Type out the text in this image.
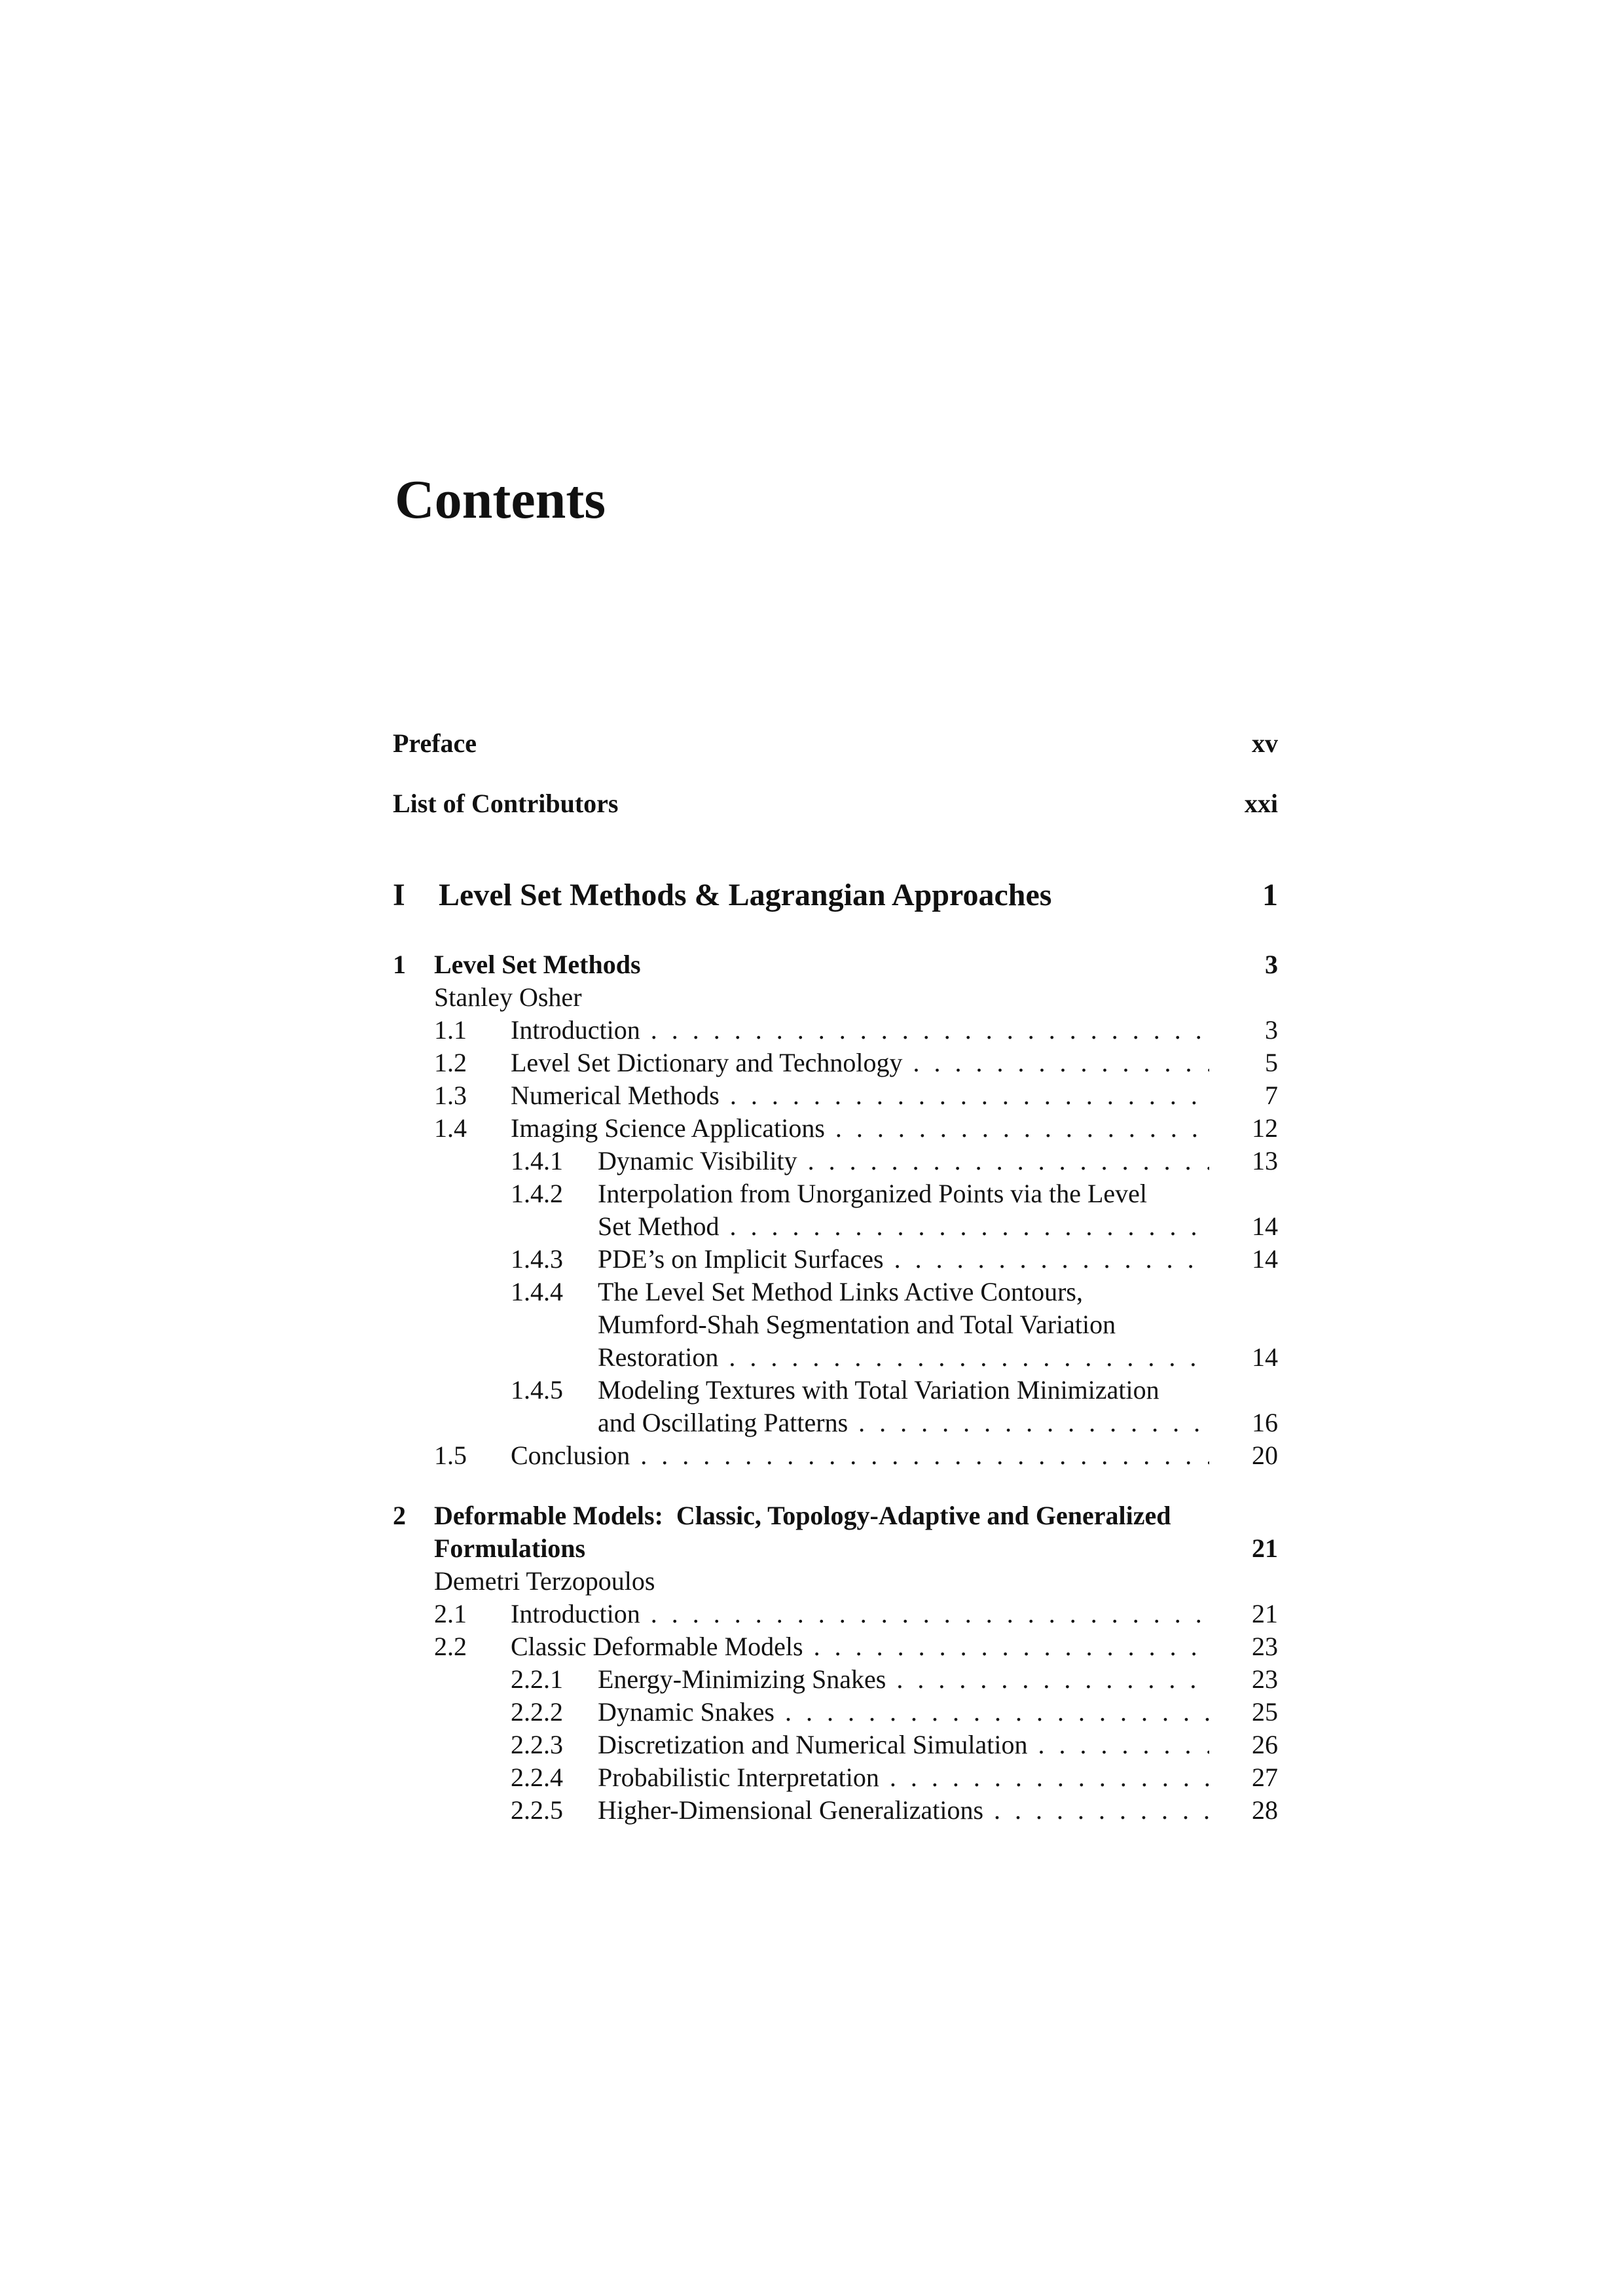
Contents
Preface	xv
List of Contributors	xxi
I Level Set Methods & Lagrangian Approaches	1
1 Level Set Methods	3
Stanley Osher
1.1 Introduction . . .	3
1.2 Level Set Dictionary and Technology . . .	5
1.3 Numerical Methods . . .	7
1.4 Imaging Science Applications . . .	12
1.4.1 Dynamic Visibility . . .	13
1.4.2 Interpolation from Unorganized Points via the Level
Set Method . . .	14
1.4.3 PDE’s on Implicit Surfaces . . .	14
1.4.4 The Level Set Method Links Active Contours,
Mumford-Shah Segmentation and Total Variation
Restoration . . .	14
1.4.5 Modeling Textures with Total Variation Minimization
and Oscillating Patterns . . .	16
1.5 Conclusion . . .	20
2 Deformable Models:  Classic, Topology-Adaptive and Generalized
Formulations	21
Demetri Terzopoulos
2.1 Introduction . . .	21
2.2 Classic Deformable Models . . .	23
2.2.1 Energy-Minimizing Snakes . . .	23
2.2.2 Dynamic Snakes . . .	25
2.2.3 Discretization and Numerical Simulation . . .	26
2.2.4 Probabilistic Interpretation . . .	27
2.2.5 Higher-Dimensional Generalizations . . .	28
